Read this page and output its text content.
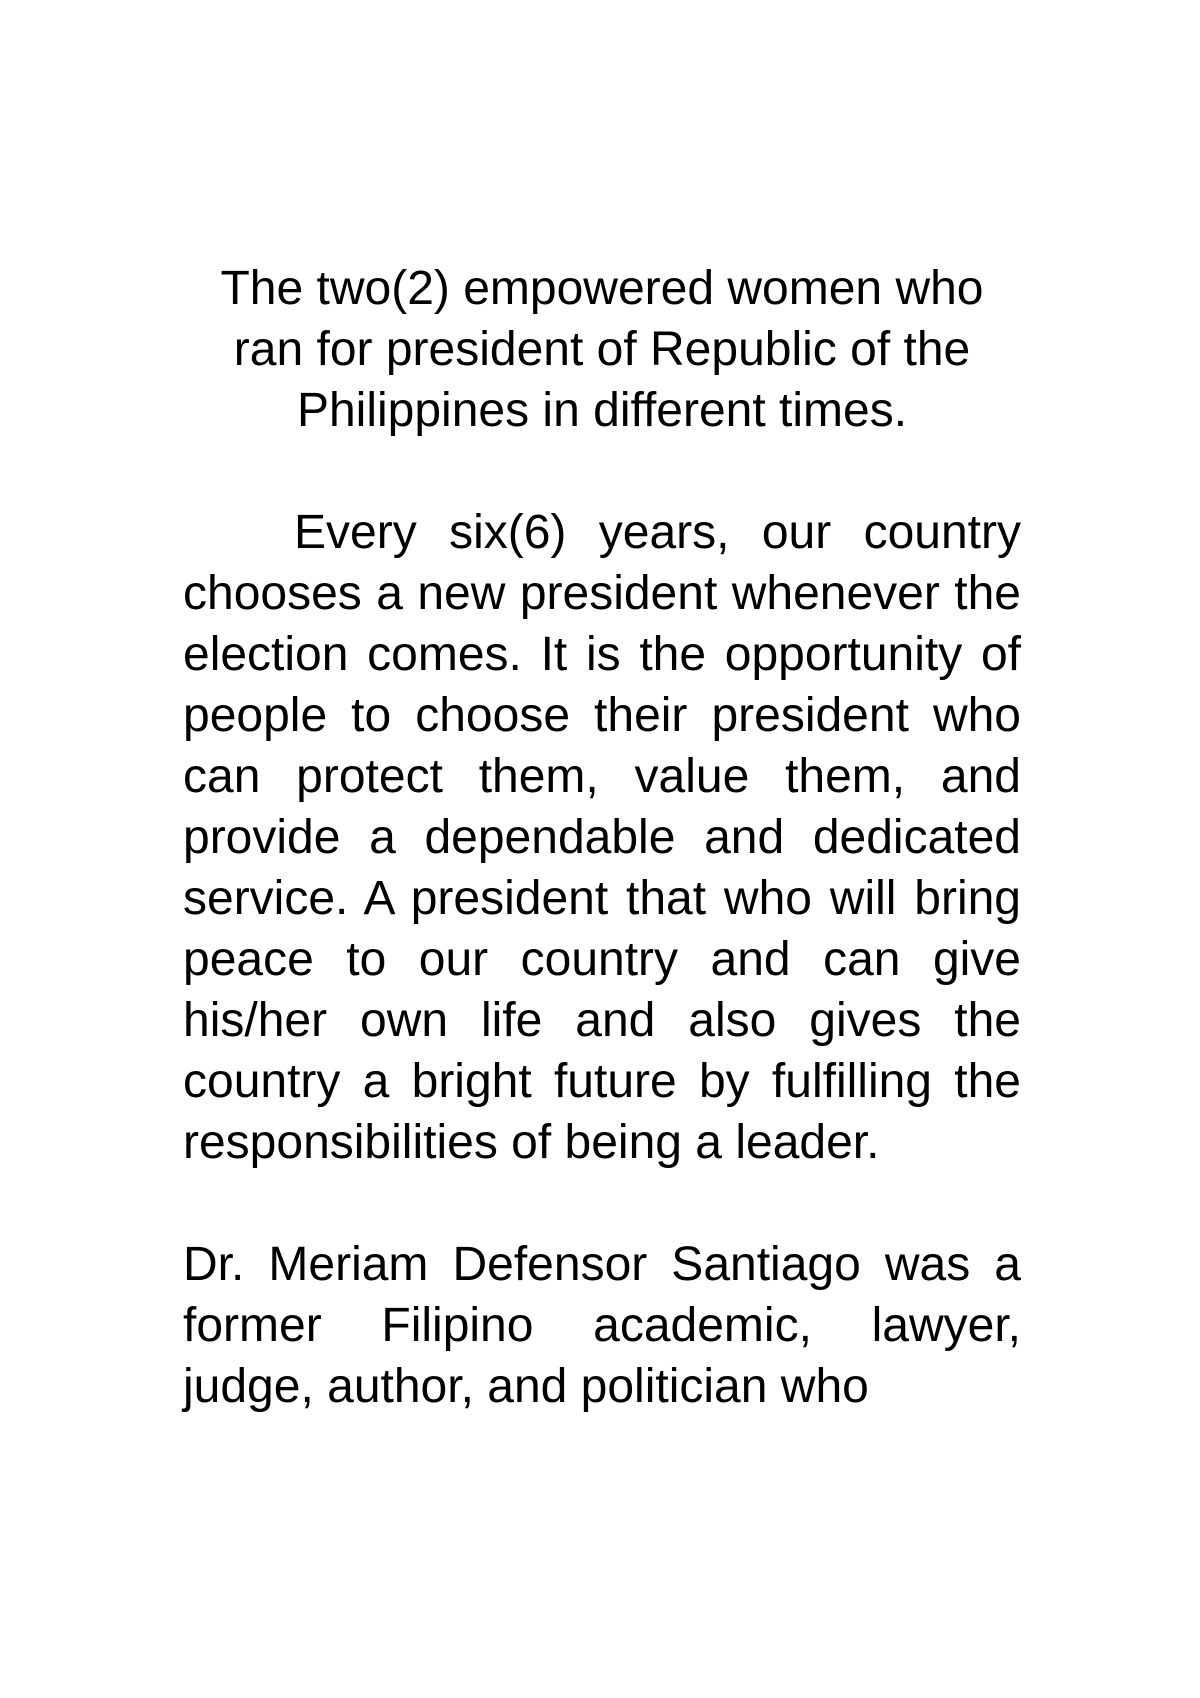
The two(2) empowered women who ran for president of Republic of the Philippines in different times.

Every six(6) years, our country chooses a new president whenever the election comes. It is the opportunity of people to choose their president who can protect them, value them, and provide a dependable and dedicated service. A president that who will bring peace to our country and can give his/her own life and also gives the country a bright future by fulfilling the responsibilities of being a leader.

Dr. Meriam Defensor Santiago was a former Filipino academic, lawyer, judge, author, and politician who
